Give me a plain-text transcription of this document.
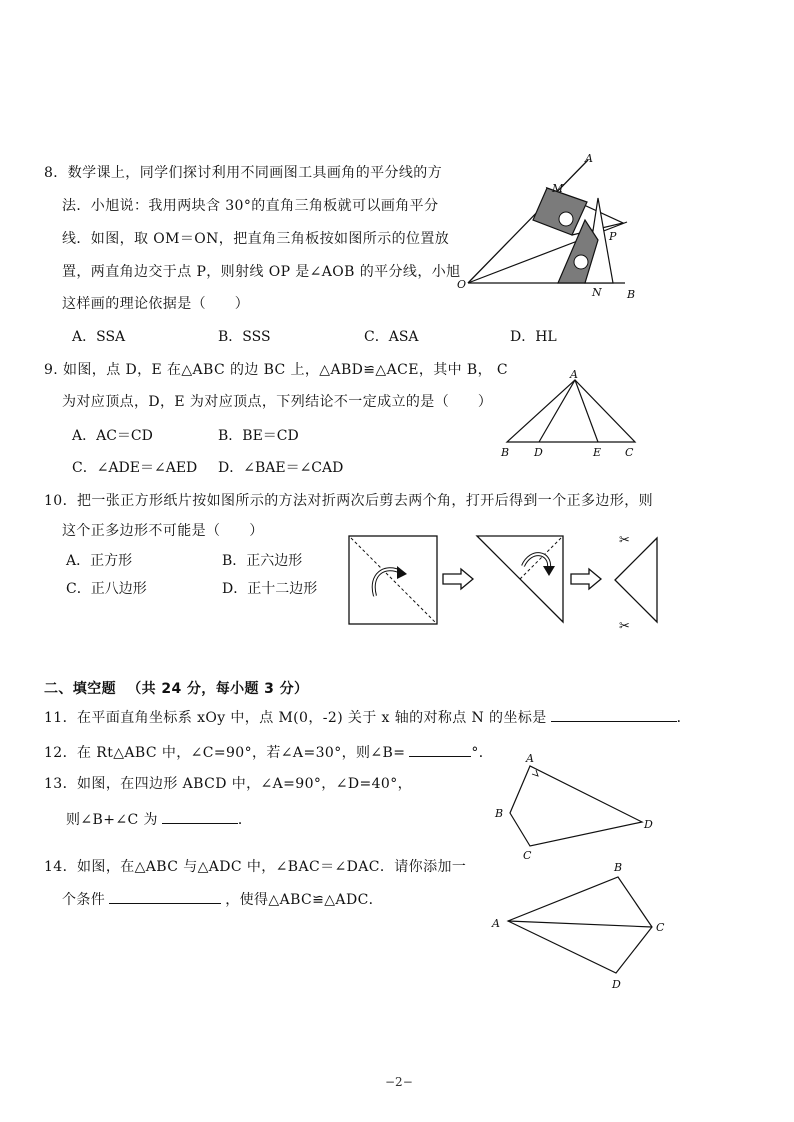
8．数学课上，同学们探讨利用不同画图工具画角的平分线的方
法．小旭说：我用两块含 30°的直角三角板就可以画角平分
线．如图，取 OM＝ON，把直角三角板按如图所示的位置放
置，两直角边交于点 P，则射线 OP 是∠AOB 的平分线，小旭
这样画的理论依据是（　　）
A．SSA	B．SSS	C．ASA	D．HL
A
M
P
O
N B
9. 如图，点 D，E 在△ABC 的边 BC 上，△ABD≌△ACE，其中 B， C
为对应顶点，D，E 为对应顶点，下列结论不一定成立的是（　　）
A．AC＝CD	B．BE＝CD
C．∠ADE＝∠AED D．∠BAE＝∠CAD
A
B D	E C
10．把一张正方形纸片按如图所示的方法对折两次后剪去两个角，打开后得到一个正多边形，则
这个正多边形不可能是（　　）
A．正方形	B．正六边形
C．正八边形	D．正十二边形
✂
✂
二、填空题 （共 24 分，每小题 3 分）
11．在平面直角坐标系 xOy 中，点 M(0，-2) 关于 x 轴的对称点 N 的坐标是	．
12．在 Rt△ABC 中，∠C=90°，若∠A=30°，则∠B=	°．
13．如图，在四边形 ABCD 中，∠A=90°，∠D=40°，
则∠B+∠C 为	．
A
B
C
D
14．如图，在△ABC 与△ADC 中，∠BAC＝∠DAC．请你添加一
个条件	，使得△ABC≌△ADC．
A
B
C
D
−2−
